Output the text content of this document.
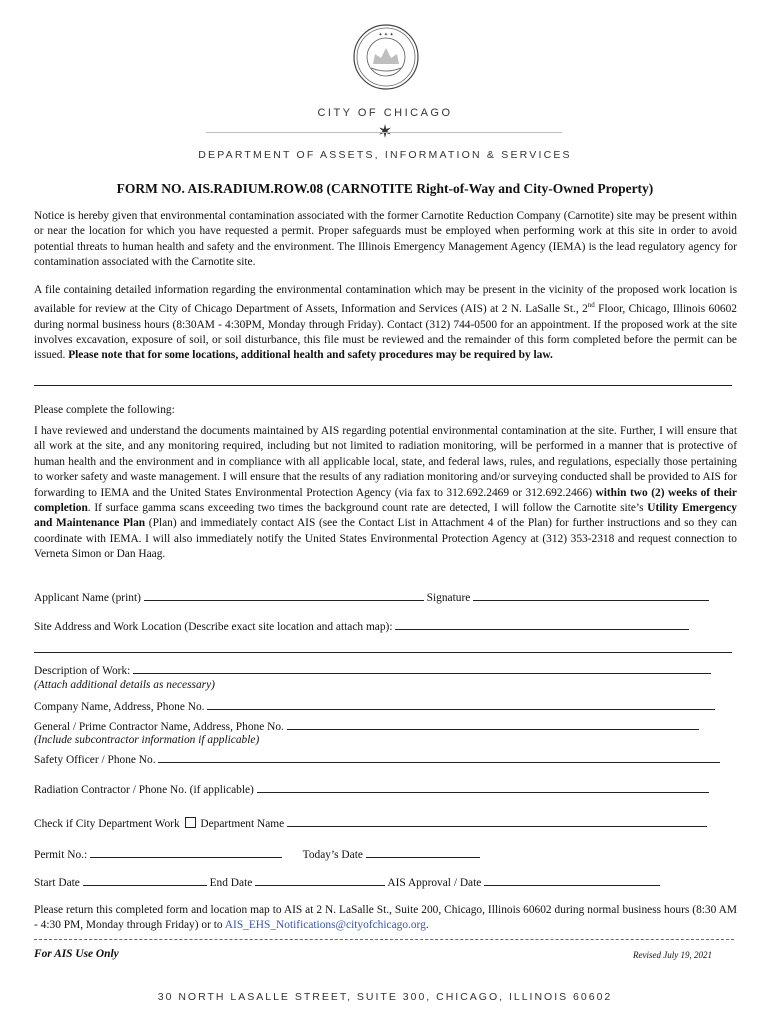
✦ ✦ ✦
CITY OF CHICAGO
DEPARTMENT OF ASSETS, INFORMATION & SERVICES
FORM NO. AIS.RADIUM.ROW.08 (CARNOTITE Right-of-Way and City-Owned Property)

Notice is hereby given that environmental contamination associated with the former Carnotite Reduction Company (Carnotite) site may be present within or near the location for which you have requested a permit. Proper safeguards must be employed when performing work at this site in order to avoid potential threats to human health and safety and the environment. The Illinois Emergency Management Agency (IEMA) is the lead regulatory agency for contamination associated with the Carnotite site.

A file containing detailed information regarding the environmental contamination which may be present in the vicinity of the proposed work location is available for review at the City of Chicago Department of Assets, Information and Services (AIS) at 2 N. LaSalle St., 2nd Floor, Chicago, Illinois 60602 during normal business hours (8:30AM - 4:30PM, Monday through Friday). Contact (312) 744-0500 for an appointment. If the proposed work at the site involves excavation, exposure of soil, or soil disturbance, this file must be reviewed and the remainder of this form completed before the permit can be issued. Please note that for some locations, additional health and safety procedures may be required by law.

Please complete the following:

I have reviewed and understand the documents maintained by AIS regarding potential environmental contamination at the site. Further, I will ensure that all work at the site, and any monitoring required, including but not limited to radiation monitoring, will be performed in a manner that is protective of human health and the environment and in compliance with all applicable local, state, and federal laws, rules, and regulations, especially those pertaining to worker safety and waste management. I will ensure that the results of any radiation monitoring and/or surveying conducted shall be provided to AIS for forwarding to IEMA and the United States Environmental Protection Agency (via fax to 312.692.2469 or 312.692.2466) within two (2) weeks of their completion. If surface gamma scans exceeding two times the background count rate are detected, I will follow the Carnotite site’s Utility Emergency and Maintenance Plan (Plan) and immediately contact AIS (see the Contact List in Attachment 4 of the Plan) for further instructions and so they can coordinate with IEMA. I will also immediately notify the United States Environmental Protection Agency at (312) 353-2318 and request connection to Verneta Simon or Dan Haag.

Applicant Name (print)	Signature
Site Address and Work Location (Describe exact site location and attach map):
Description of Work:
(Attach additional details as necessary)
Company Name, Address, Phone No.
General / Prime Contractor Name, Address, Phone No.
(Include subcontractor information if applicable)
Safety Officer / Phone No.
Radiation Contractor / Phone No. (if applicable)
Check if City Department Work Department Name
Permit No.:	Today’s Date
Start Date	End Date	AIS Approval / Date

Please return this completed form and location map to AIS at 2 N. LaSalle St., Suite 200, Chicago, Illinois 60602 during normal business hours (8:30 AM - 4:30 PM, Monday through Friday) or to AIS_EHS_Notifications@cityofchicago.org.

For AIS Use Only	Revised July 19, 2021
30 NORTH LASALLE STREET, SUITE 300, CHICAGO, ILLINOIS 60602
